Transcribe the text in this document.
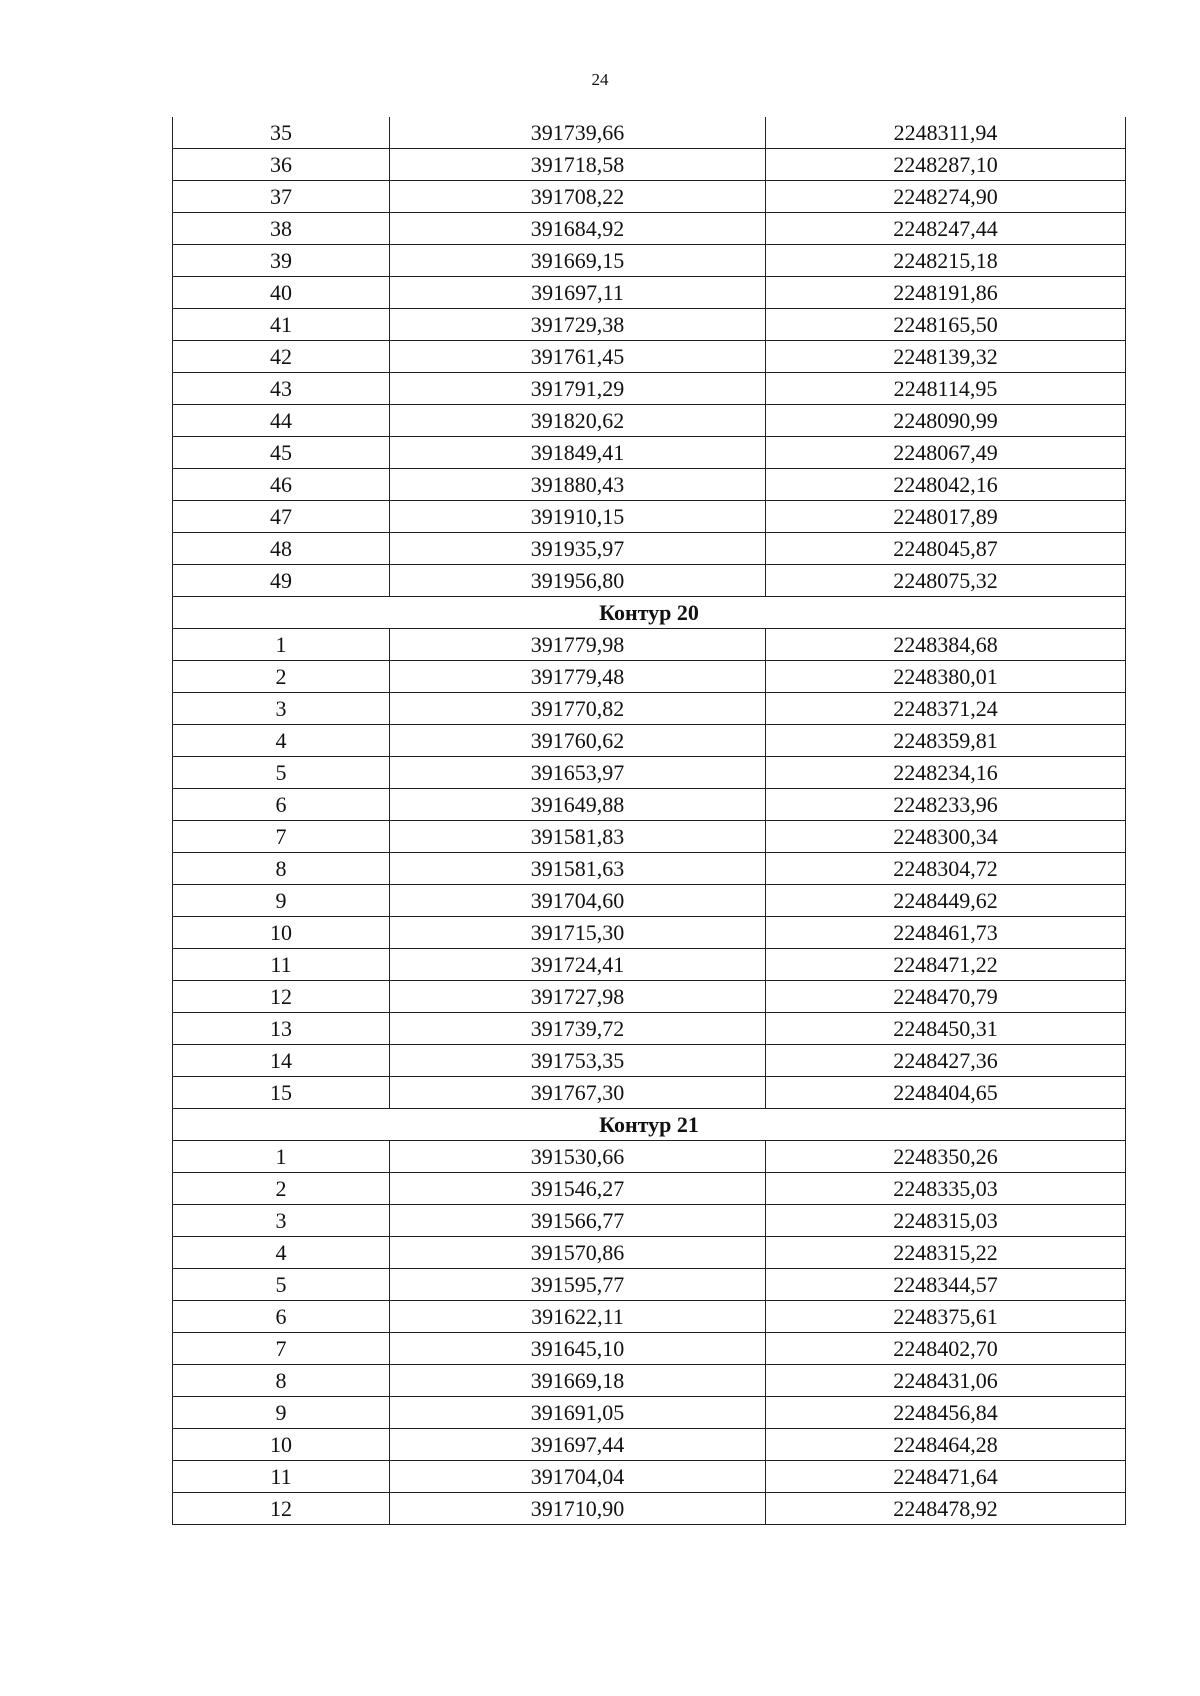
24
35	391739,66	2248311,94
36	391718,58	2248287,10
37	391708,22	2248274,90
38	391684,92	2248247,44
39	391669,15	2248215,18
40	391697,11	2248191,86
41	391729,38	2248165,50
42	391761,45	2248139,32
43	391791,29	2248114,95
44	391820,62	2248090,99
45	391849,41	2248067,49
46	391880,43	2248042,16
47	391910,15	2248017,89
48	391935,97	2248045,87
49	391956,80	2248075,32
Контур 20		
1	391779,98	2248384,68
2	391779,48	2248380,01
3	391770,82	2248371,24
4	391760,62	2248359,81
5	391653,97	2248234,16
6	391649,88	2248233,96
7	391581,83	2248300,34
8	391581,63	2248304,72
9	391704,60	2248449,62
10	391715,30	2248461,73
11	391724,41	2248471,22
12	391727,98	2248470,79
13	391739,72	2248450,31
14	391753,35	2248427,36
15	391767,30	2248404,65
Контур 21		
1	391530,66	2248350,26
2	391546,27	2248335,03
3	391566,77	2248315,03
4	391570,86	2248315,22
5	391595,77	2248344,57
6	391622,11	2248375,61
7	391645,10	2248402,70
8	391669,18	2248431,06
9	391691,05	2248456,84
10	391697,44	2248464,28
11	391704,04	2248471,64
12	391710,90	2248478,92
